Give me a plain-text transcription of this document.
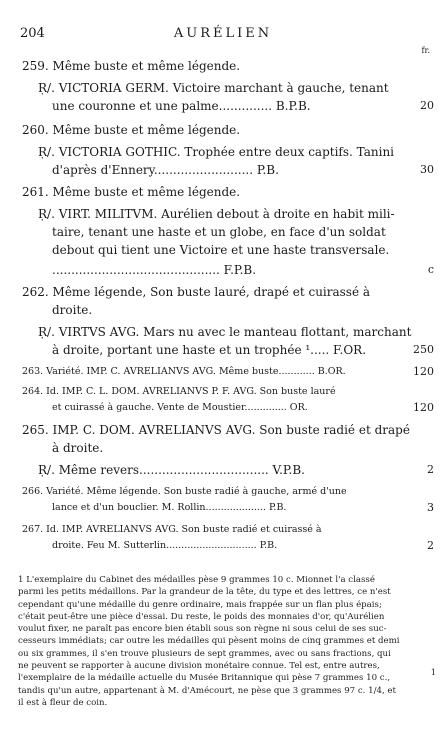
204	AURÉLIEN
fr.
259. Même buste et même légende.
Ṛ/. VICTORIA GERM. Victoire marchant à gauche, tenant
une couronne et une palme.............. B.P.B.	20
260. Même buste et même légende.
Ṛ/. VICTORIA GOTHIC. Trophée entre deux captifs. Tanini
d'après d'Ennery.......................... P.B.	30
261. Même buste et même légende.
Ṛ/. VIRT. MILITVM. Aurélien debout à droite en habit mili-
taire, tenant une haste et un globe, en face d'un soldat
debout qui tient une Victoire et une haste transversale.
............................................ F.P.B.	c
262. Même légende, Son buste lauré, drapé et cuirassé à
droite.
Ṛ/. VIRTVS AVG. Mars nu avec le manteau flottant, marchant
à droite, portant une haste et un trophée ¹..... F.OR.	250
263. Variété. IMP. C. AVRELIANVS AVG. Même buste............ B.OR.	120
264. Id. IMP. C. L. DOM. AVRELIANVS P. F. AVG. Son buste lauré
et cuirassé à gauche. Vente de Moustier.............. OR.	120
265. IMP. C. DOM. AVRELIANVS AVG. Son buste radié et drapé
à droite.
Ṛ/. Même revers.................................. V.P.B.	2
266. Variété. Même légende. Son buste radié à gauche, armé d'une
lance et d'un bouclier. M. Rollin.................... P.B.	3
267. Id. IMP. AVRELIANVS AVG. Son buste radié et cuirassé à
droite. Feu M. Sutterlin.............................. P.B.	2
1 L'exemplaire du Cabinet des médailles pèse 9 grammes 10 c. Mionnet l'a classé
parmi les petits médaillons. Par la grandeur de la tête, du type et des lettres, ce n'est
cependant qu'une médaille du genre ordinaire, mais frappée sur un flan plus épais;
c'était peut-être une pièce d'essai. Du reste, le poids des monnaies d'or, qu'Aurélien
voulut fixer, ne paraît pas encore bien établi sous son règne ni sous celui de ses suc-
cesseurs immédiats; car outre les médailles qui pèsent moins de cinq grammes et demi
ou six grammes, il s'en trouve plusieurs de sept grammes, avec ou sans fractions, qui
ne peuvent se rapporter à aucune division monétaire connue. Tel est, entre autres,
l'exemplaire de la médaille actuelle du Musée Britannique qui pèse 7 grammes 10 c.,
tandis qu'un autre, appartenant à M. d'Amécourt, ne pèse que 3 grammes 97 c. 1/4, et
il est à fleur de coin.
1
